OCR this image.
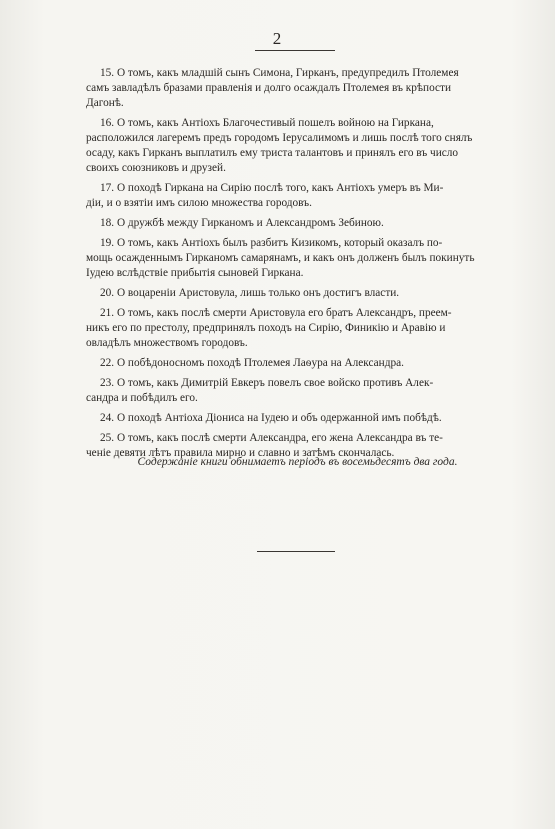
2
15. О томъ, какъ младшій сынъ Симона, Гирканъ, предупредилъ Птолемея
самъ завладѣлъ бразами правленія и долго осаждалъ Птолемея въ крѣпости
Дагонѣ.
16. О томъ, какъ Антіохъ Благочестивый пошелъ войною на Гиркана,
расположился лагеремъ предъ городомъ Іерусалимомъ и лишь послѣ того снялъ
осаду, какъ Гирканъ выплатилъ ему триста талантовъ и принялъ его въ число
своихъ союзниковъ и друзей.
17. О походѣ Гиркана на Сирію послѣ того, какъ Антіохъ умеръ въ Ми-
діи, и о взятіи имъ силою множества городовъ.
18. О дружбѣ между Гирканомъ и Александромъ Зебиною.
19. О томъ, какъ Антіохъ былъ разбитъ Кизикомъ, который оказалъ по-
мощь осажденнымъ Гирканомъ самарянамъ, и какъ онъ долженъ былъ покинуть
Іудею вслѣдствіе прибытія сыновей Гиркана.
20. О воцареніи Аристовула, лишь только онъ достигъ власти.
21. О томъ, какъ послѣ смерти Аристовула его братъ Александръ, преем-
никъ его по престолу, предпринялъ походъ на Сирію, Финикію и Аравію и
овладѣлъ множествомъ городовъ.
22. О побѣдоносномъ походѣ Птолемея Лаѳура на Александра.
23. О томъ, какъ Димитрій Евкеръ повелъ свое войско противъ Алек-
сандра и побѣдилъ его.
24. О походѣ Антіоха Діониса на Іудею и объ одержанной имъ побѣдѣ.
25. О томъ, какъ послѣ смерти Александра, его жена Александра въ те-
ченіе девяти лѣтъ правила мирно и славно и затѣмъ скончалась.
Содержаніе книги обнимаетъ періодъ въ восемьдесятъ два года.
